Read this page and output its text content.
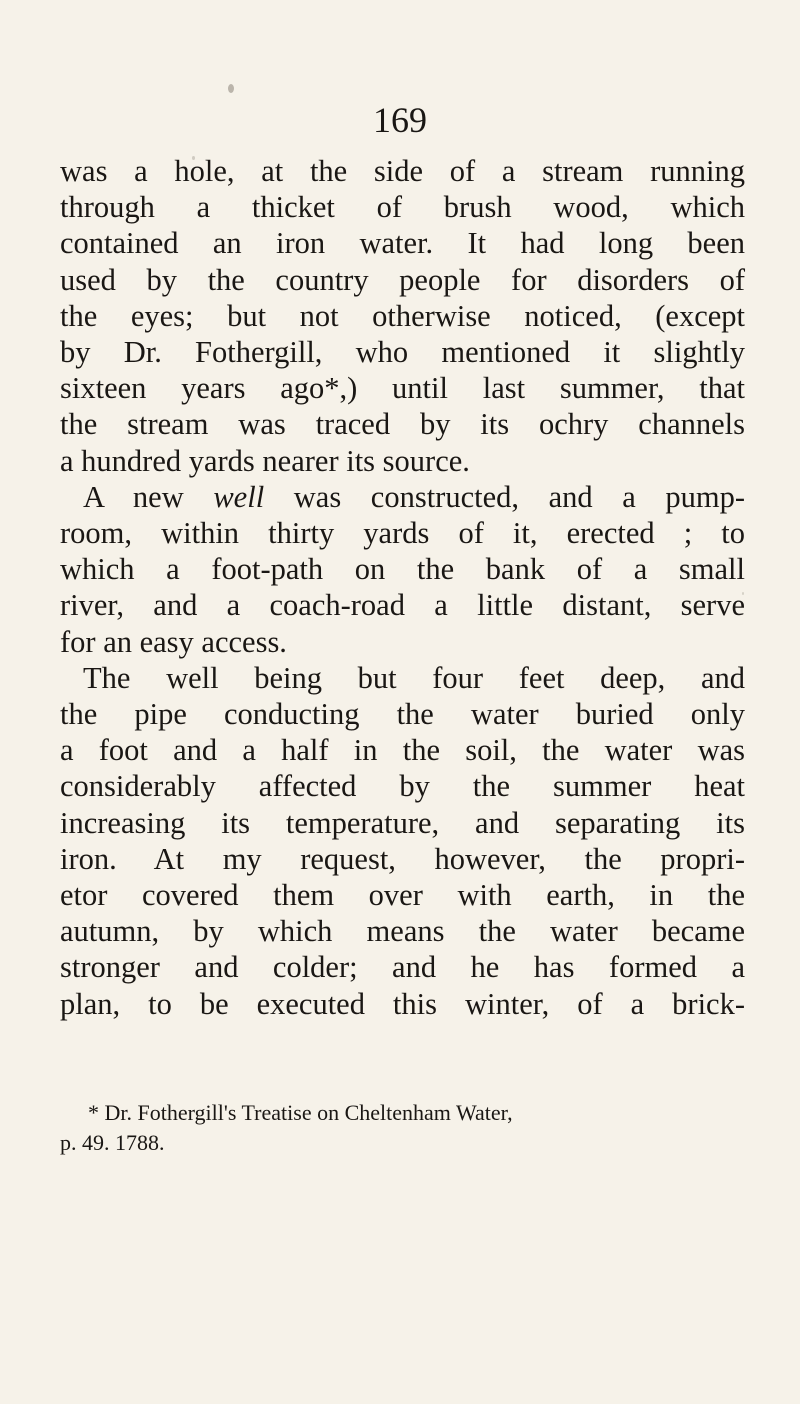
169
was a hole, at the side of a stream running
through a thicket of brush wood, which
contained an iron water. It had long been
used by the country people for disorders of
the eyes; but not otherwise noticed, (except
by Dr. Fothergill, who mentioned it slightly
sixteen years ago*,) until last summer, that
the stream was traced by its ochry channels
a hundred yards nearer its source.
A new well was constructed, and a pump-
room, within thirty yards of it, erected ; to
which a foot-path on the bank of a small
river, and a coach-road a little distant, serve
for an easy access.
The well being but four feet deep, and
the pipe conducting the water buried only
a foot and a half in the soil, the water was
considerably affected by the summer heat
increasing its temperature, and separating its
iron. At my request, however, the propri-
etor covered them over with earth, in the
autumn, by which means the water became
stronger and colder; and he has formed a
plan, to be executed this winter, of a brick-
* Dr. Fothergill's Treatise on Cheltenham Water,
p. 49. 1788.
